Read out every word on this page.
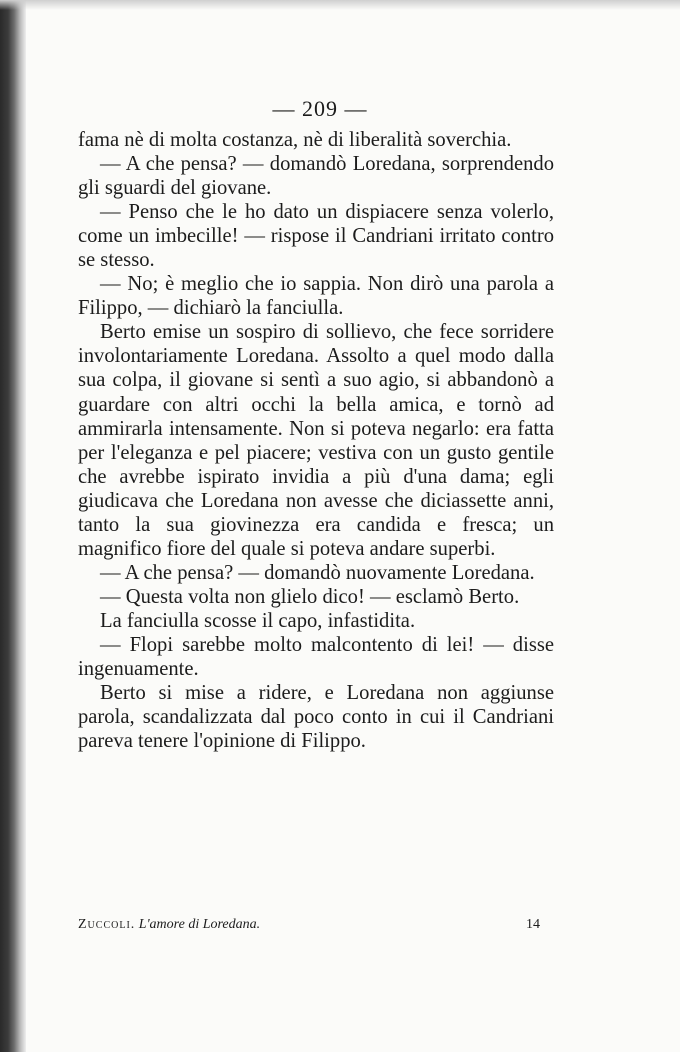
— 209 —

fama nè di molta costanza, nè di liberalità soverchia.

— A che pensa? — domandò Loredana, sorprendendo gli sguardi del giovane.

— Penso che le ho dato un dispiacere senza volerlo, come un imbecille! — rispose il Candriani irritato contro se stesso.

— No; è meglio che io sappia. Non dirò una parola a Filippo, — dichiarò la fanciulla.

Berto emise un sospiro di sollievo, che fece sorridere involontariamente Loredana. Assolto a quel modo dalla sua colpa, il giovane si sentì a suo agio, si abbandonò a guardare con altri occhi la bella amica, e tornò ad ammirarla intensamente. Non si poteva negarlo: era fatta per l'eleganza e pel piacere; vestiva con un gusto gentile che avrebbe ispirato invidia a più d'una dama; egli giudicava che Loredana non avesse che diciassette anni, tanto la sua giovinezza era candida e fresca; un magnifico fiore del quale si poteva andare superbi.

— A che pensa? — domandò nuovamente Loredana.

— Questa volta non glielo dico! — esclamò Berto.

La fanciulla scosse il capo, infastidita.

— Flopi sarebbe molto malcontento di lei! — disse ingenuamente.

Berto si mise a ridere, e Loredana non aggiunse parola, scandalizzata dal poco conto in cui il Candriani pareva tenere l'opinione di Filippo.

Zuccoli. L'amore di Loredana.	14
